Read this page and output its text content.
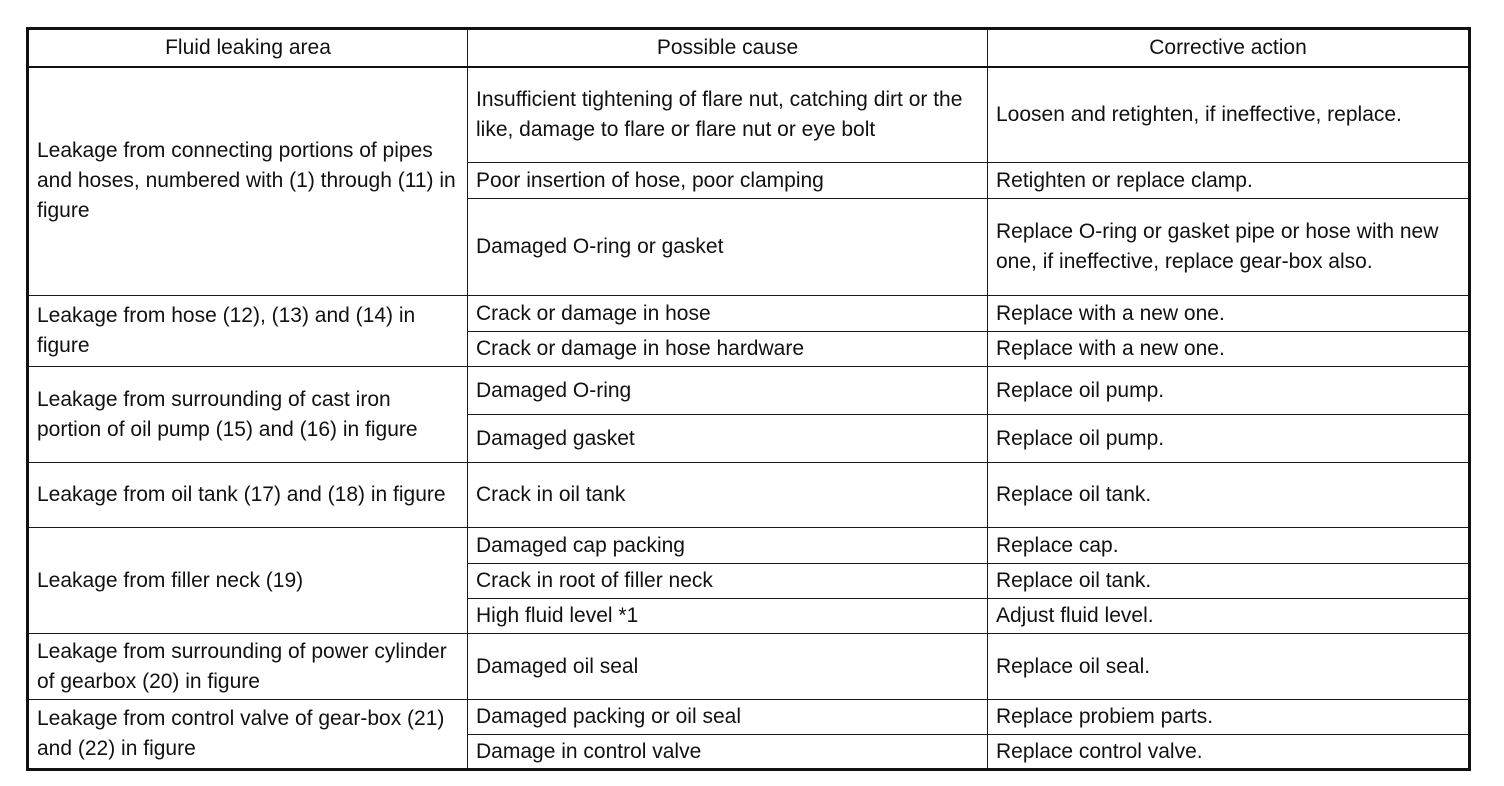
Fluid leaking area	Possible cause	Corrective action
Leakage from connecting portions of pipes and hoses, numbered with (1) through (11) in figure	Insufficient tightening of flare nut, catching dirt or the like, damage to flare or flare nut or eye bolt	Loosen and retighten, if ineffective, replace.
	Poor insertion of hose, poor clamping	Retighten or replace clamp.
	Damaged O-ring or gasket	Replace O-ring or gasket pipe or hose with new one, if ineffective, replace gear-box also.
Leakage from hose (12), (13) and (14) in figure	Crack or damage in hose	Replace with a new one.
	Crack or damage in hose hardware	Replace with a new one.
Leakage from surrounding of cast iron portion of oil pump (15) and (16) in figure	Damaged O-ring	Replace oil pump.
	Damaged gasket	Replace oil pump.
Leakage from oil tank (17) and (18) in figure	Crack in oil tank	Replace oil tank.
Leakage from filler neck (19)	Damaged cap packing	Replace cap.
	Crack in root of filler neck	Replace oil tank.
	High fluid level *1	Adjust fluid level.
Leakage from surrounding of power cylinder of gearbox (20) in figure	Damaged oil seal	Replace oil seal.
Leakage from control valve of gear-box (21) and (22) in figure	Damaged packing or oil seal	Replace probiem parts.
	Damage in control valve	Replace control valve.
